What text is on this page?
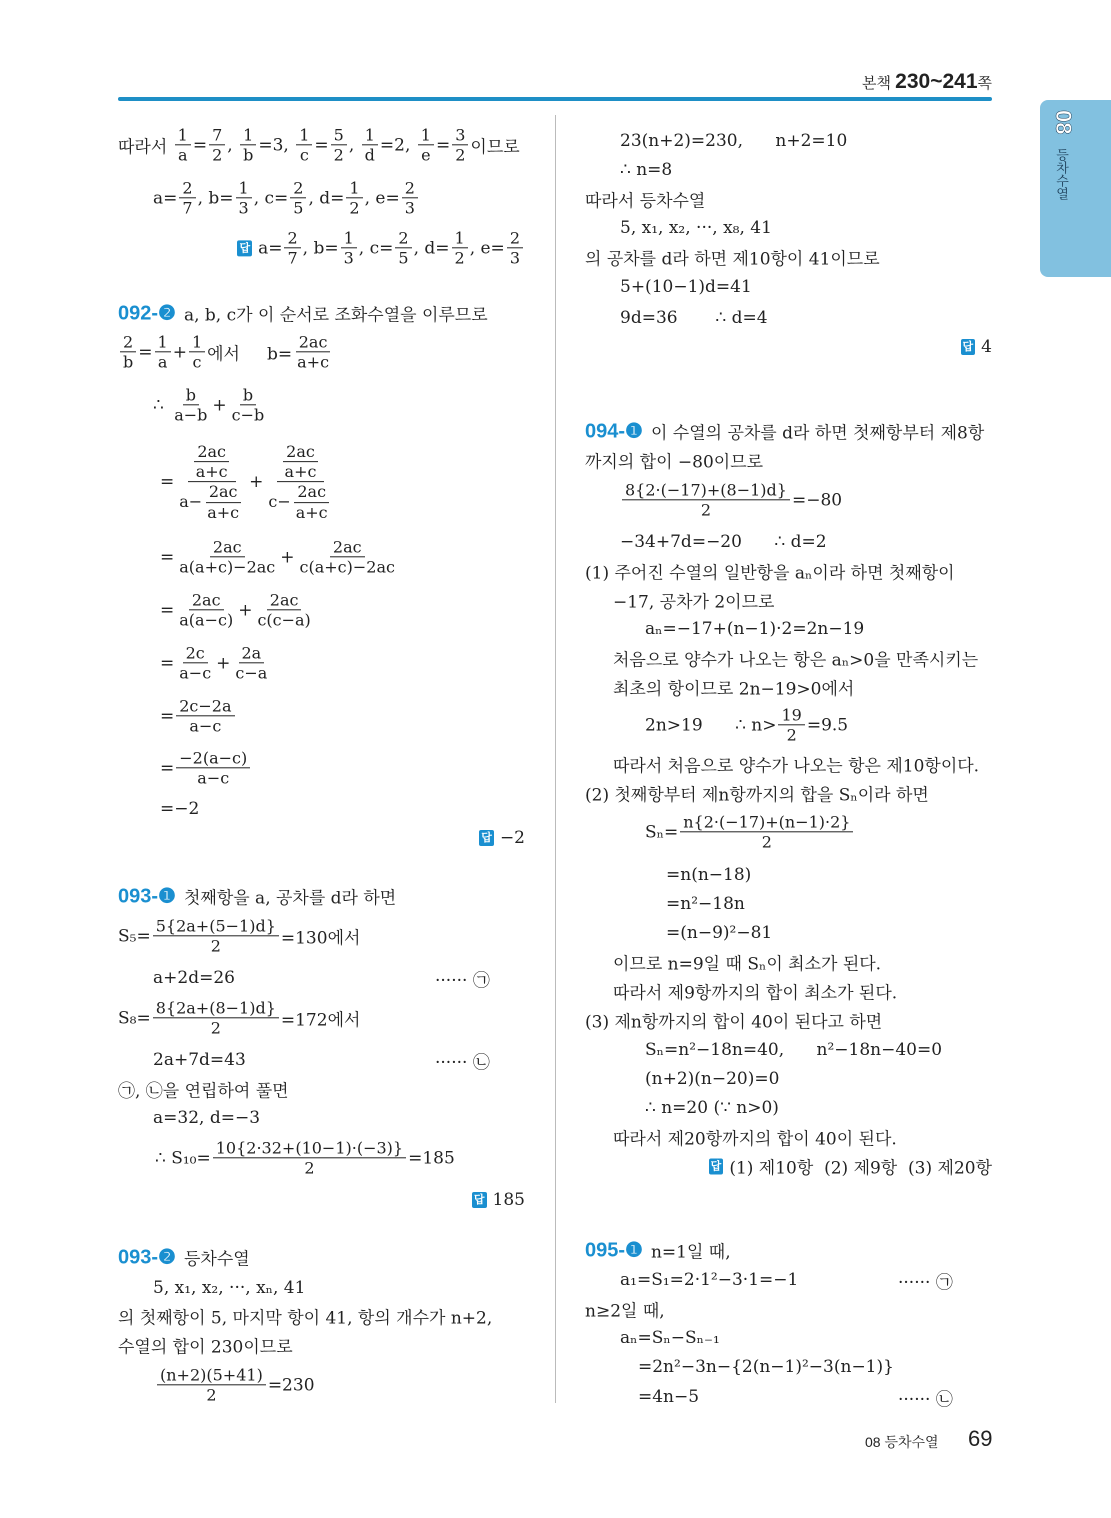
본책 230~241쪽
08
등차수열
따라서 $\frac{1}{a} = \frac{7}{2}$ , $\frac{1}{b} =3$, $\frac{1}{c} = \frac{5}{2}$ , $\frac{1}{d} =2$, $\frac{1}{e} = \frac{3}{2}$ 이므로
$a= \frac{2}{7}$ , $b= \frac{1}{3}$ , $c= \frac{2}{5}$ , $d= \frac{1}{2}$ , $e= \frac{2}{3}$
답 $a= \frac{2}{7}$ , $b= \frac{1}{3}$ , $c= \frac{2}{5}$ , $d= \frac{1}{2}$ , $e= \frac{2}{3}$
092-❷ a, b, c가 이 순서로 조화수열을 이루므로
$\frac{2}{b} = \frac{1}{a} + \frac{1}{c}$ 에서     $b= \frac{2ac}{a+c}$
∴ $\frac{b}{a-b} + \frac{b}{c-b}$
= $\frac{\frac{2ac}{a+c}}{a- \frac{2ac}{a+c}} + \frac{\frac{2ac}{a+c}}{c- \frac{2ac}{a+c}}$
= $\frac{2ac}{a(a+c)-2ac} + \frac{2ac}{c(a+c)-2ac}$
= $\frac{2ac}{a(a-c)} + \frac{2ac}{c(c-a)}$
= $\frac{2c}{a-c} + \frac{2a}{c-a}$
= $\frac{2c-2a}{a-c}$
= $\frac{-2(a-c)}{a-c}$
=−2
답 −2
093-❶ 첫째항을 a, 공차를 d라 하면
$S_5= \frac{5\{2a+(5-1)d\}}{2} =130$에서
a+2d=26	······ ㉠
$S_8= \frac{8\{2a+(8-1)d\}}{2} =172$에서
2a+7d=43	······ ㉡
㉠, ㉡을 연립하여 풀면
a=32, d=−3
∴ $S_{10}= \frac{10\{2\cdot 32+(10-1)\cdot(-3)\}}{2} =185$
답 185
093-❷ 등차수열
5, x₁, x₂, ···, xₙ, 41
의 첫째항이 5, 마지막 항이 41, 항의 개수가 n+2,
수열의 합이 230이므로
$\frac{(n+2)(5+41)}{2} =230$
23(n+2)=230,      n+2=10
∴ n=8
따라서 등차수열
5, x₁, x₂, ···, x₈, 41
의 공차를 d라 하면 제10항이 41이므로
5+(10−1)d=41
9d=36       ∴ d=4
답 4
094-❶ 이 수열의 공차를 d라 하면 첫째항부터 제8항
까지의 합이 −80이므로
$\frac{8\{2\cdot(-17)+(8-1)d\}}{2} =-80$
−34+7d=−20      ∴ d=2
(1) 주어진 수열의 일반항을 aₙ이라 하면 첫째항이
−17, 공차가 2이므로
aₙ=−17+(n−1)·2=2n−19
처음으로 양수가 나오는 항은 aₙ>0을 만족시키는
최초의 항이므로 2n−19>0에서
2n>19      ∴ $n> \frac{19}{2} =9.5$
따라서 처음으로 양수가 나오는 항은 제10항이다.
(2) 첫째항부터 제n항까지의 합을 Sₙ이라 하면
$S_n= \frac{n\{2\cdot(-17)+(n-1)\cdot 2\}}{2}$
=n(n−18)
=n²−18n
=(n−9)²−81
이므로 n=9일 때 Sₙ이 최소가 된다.
따라서 제9항까지의 합이 최소가 된다.
(3) 제n항까지의 합이 40이 된다고 하면
Sₙ=n²−18n=40,      n²−18n−40=0
(n+2)(n−20)=0
∴ n=20 (∵ n>0)
따라서 제20항까지의 합이 40이 된다.
답 (1) 제10항  (2) 제9항  (3) 제20항
095-❶ n=1일 때,
a₁=S₁=2·1²−3·1=−1	······ ㉠
n≥2일 때,
aₙ=Sₙ−Sₙ₋₁
=2n²−3n−{2(n−1)²−3(n−1)}
=4n−5	······ ㉡
08 등차수열 69
